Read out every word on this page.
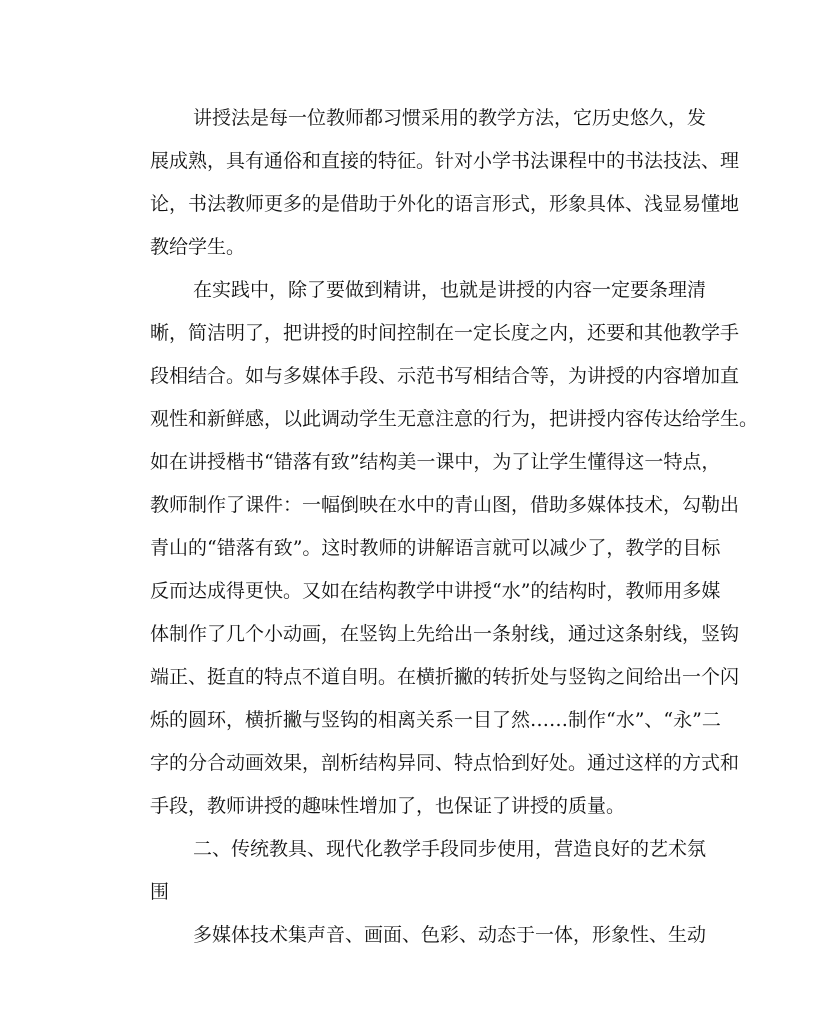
讲授法是每一位教师都习惯采用的教学方法，它历史悠久，发
展成熟，具有通俗和直接的特征。针对小学书法课程中的书法技法、理
论，书法教师更多的是借助于外化的语言形式，形象具体、浅显易懂地
教给学生。
在实践中，除了要做到精讲，也就是讲授的内容一定要条理清
晰，简洁明了，把讲授的时间控制在一定长度之内，还要和其他教学手
段相结合。如与多媒体手段、示范书写相结合等，为讲授的内容增加直
观性和新鲜感，以此调动学生无意注意的行为，把讲授内容传达给学生。
如在讲授楷书“错落有致”结构美一课中，为了让学生懂得这一特点，
教师制作了课件：一幅倒映在水中的青山图，借助多媒体技术，勾勒出
青山的“错落有致”。这时教师的讲解语言就可以减少了，教学的目标
反而达成得更快。又如在结构教学中讲授“水”的结构时，教师用多媒
体制作了几个小动画，在竖钩上先给出一条射线，通过这条射线，竖钩
端正、挺直的特点不道自明。在横折撇的转折处与竖钩之间给出一个闪
烁的圆环，横折撇与竖钩的相离关系一目了然……制作“水”、“永”二
字的分合动画效果，剖析结构异同、特点恰到好处。通过这样的方式和
手段，教师讲授的趣味性增加了，也保证了讲授的质量。
二、传统教具、现代化教学手段同步使用，营造良好的艺术氛
围
多媒体技术集声音、画面、色彩、动态于一体，形象性、生动
